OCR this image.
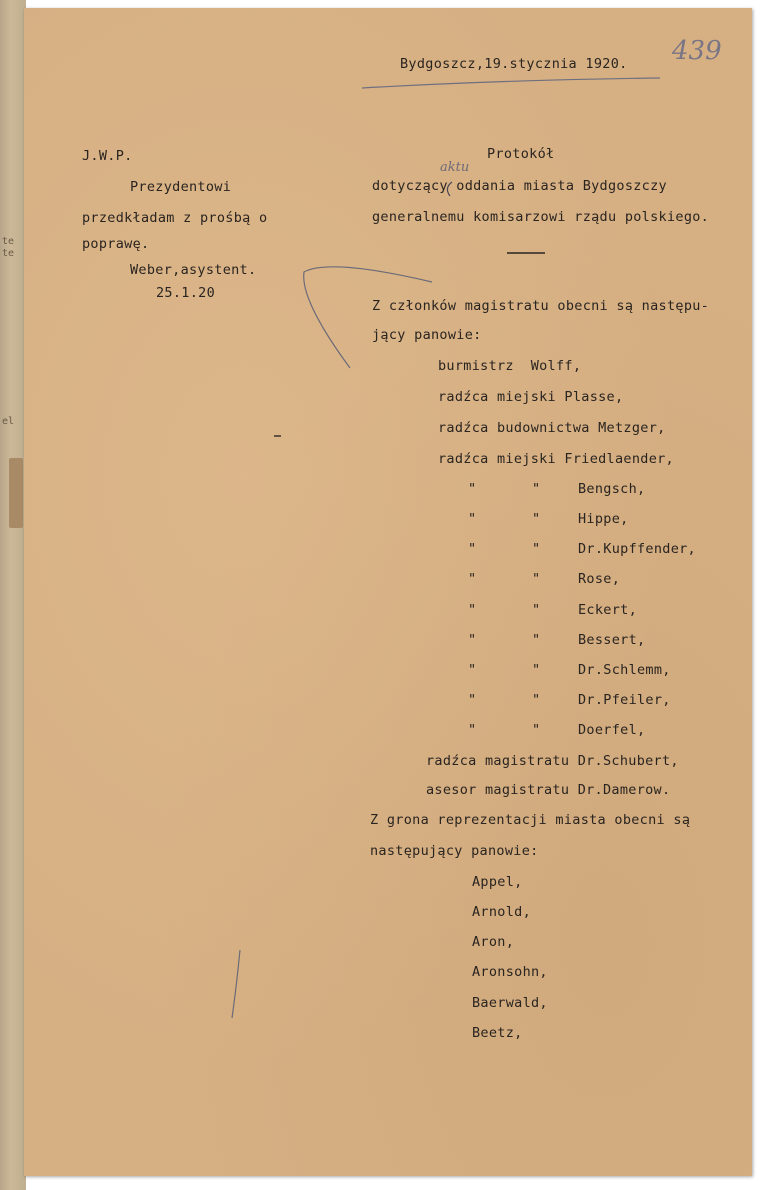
te
te
el
439
Bydgoszcz,19.stycznia 1920.
J.W.P.
Prezydentowi
przedkładam z prośbą o
poprawę.
Weber,asystent.
25.1.20
Protokół
aktu
dotyczący oddania miasta Bydgoszczy
generalnemu komisarzowi rządu polskiego.
Z członków magistratu obecni są następu-
jący panowie:
burmistrz  Wolff,
radźca miejski Plasse,
radźca budownictwa Metzger,
radźca miejski Friedlaender,
"	"	Bengsch,
"	"	Hippe,
"	"	Dr.Kupffender,
"	"	Rose,
"	"	Eckert,
"	"	Bessert,
"	"	Dr.Schlemm,
"	"	Dr.Pfeiler,
"	"	Doerfel,
radźca magistratu Dr.Schubert,
asesor magistratu Dr.Damerow.
Z grona reprezentacji miasta obecni są
następujący panowie:
Appel,
Arnold,
Aron,
Aronsohn,
Baerwald,
Beetz,
